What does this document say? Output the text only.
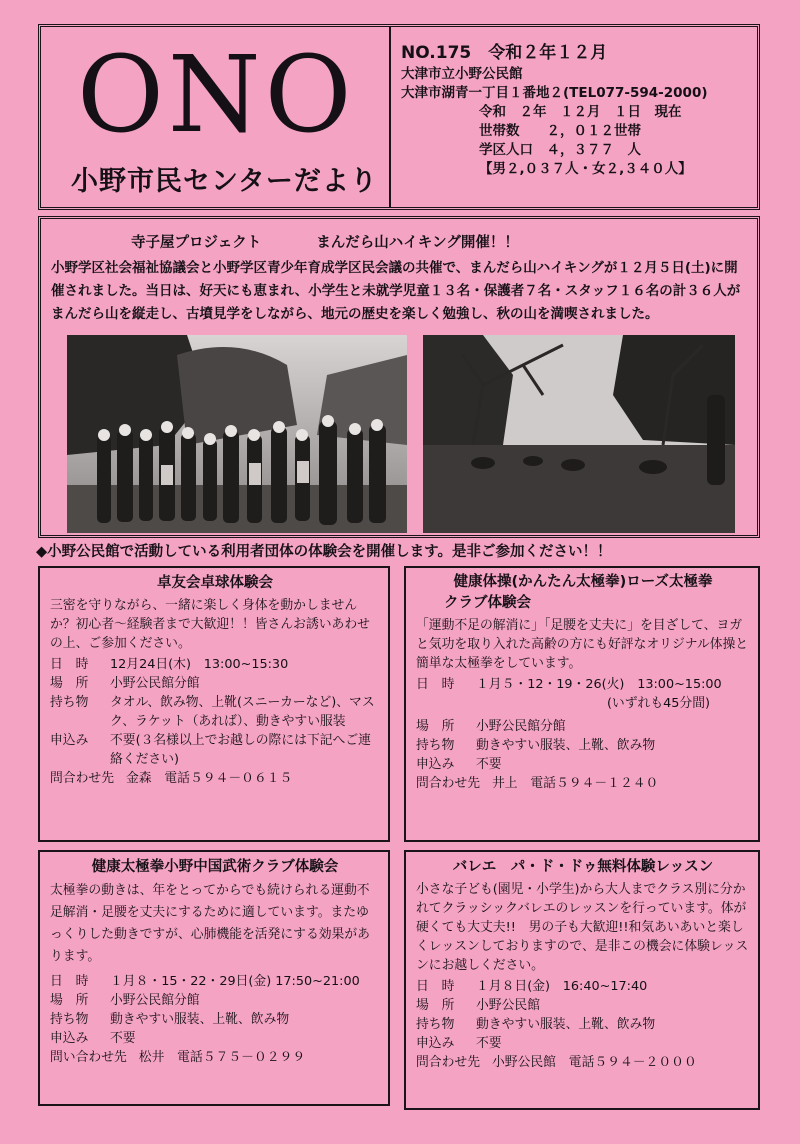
ONO
小野市民センターだより
NO.175　令和２年１２月
大津市立小野公民館
大津市湖青一丁目１番地２(TEL077-594-2000)
令和　２年　１２月　１日　現在
世帯数　　２，０１２世帯
学区人口　４，３７７　人
【男２,０３７人・女２,３４０人】
寺子屋プロジェクト	まんだら山ハイキング開催！！
小野学区社会福祉協議会と小野学区青少年育成学区民会議の共催で、まんだら山ハイキングが１２月５日(土)に開催されました。当日は、好天にも恵まれ、小学生と未就学児童１３名・保護者７名・スタッフ１６名の計３６人がまんだら山を縦走し、古墳見学をしながら、地元の歴史を楽しく勉強し、秋の山を満喫されました。
◆小野公民館で活動している利用者団体の体験会を開催します。是非ご参加ください！！
卓友会卓球体験会

三密を守りながら、一緒に楽しく身体を動かしませんか？初心者～経験者まで大歓迎！！皆さんお誘いあわせの上、ご参加ください。

日　時	12月24日(木)　13:00~15:30
場　所	小野公民館分館
持ち物	タオル、飲み物、上靴(スニーカーなど)、マスク、ラケット（あれば）、動きやすい服装
申込み	不要(３名様以上でお越しの際には下記へご連絡ください)
問合わせ先 金森　電話５９４－０６１５
健康体操(かんたん太極拳)ローズ太極拳
クラブ体験会

「運動不足の解消に」「足腰を丈夫に」を目ざして、ヨガと気功を取り入れた高齢の方にも好評なオリジナル体操と簡単な太極拳をしています。

日　時	１月５・12・19・26(火)　13:00~15:00
(いずれも45分間)
場　所	小野公民館分館
持ち物	動きやすい服装、上靴、飲み物
申込み	不要
問合わせ先 井上　電話５９４－１２４０
健康太極拳小野中国武術クラブ体験会

太極拳の動きは、年をとってからでも続けられる運動不足解消・足腰を丈夫にするために適しています。またゆっくりした動きですが、心肺機能を活発にする効果があります。

日　時	１月８・15・22・29日(金) 17:50~21:00
場　所	小野公民館分館
持ち物	動きやすい服装、上靴、飲み物
申込み	不要
問い合わせ先 松井　電話５７５－０２９９
バレエ　パ・ド・ドゥ無料体験レッスン

小さな子ども(園児・小学生)から大人までクラス別に分かれてクラッシックバレエのレッスンを行っています。体が硬くても大丈夫!!　男の子も大歓迎!!和気あいあいと楽しくレッスンしておりますので、是非この機会に体験レッスンにお越しください。

日　時	１月８日(金)　16:40~17:40
場　所	小野公民館
持ち物	動きやすい服装、上靴、飲み物
申込み	不要
問合わせ先 小野公民館　電話５９４－２０００
